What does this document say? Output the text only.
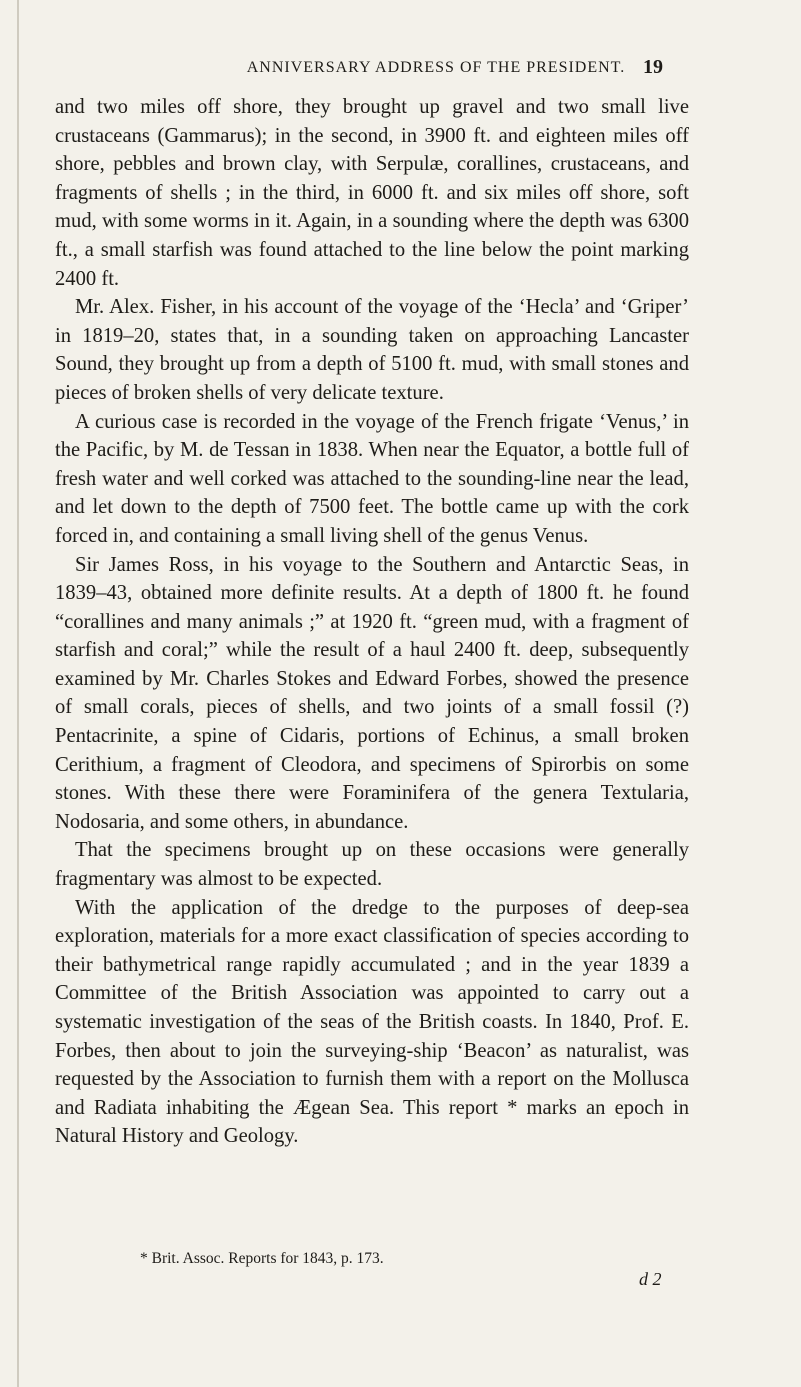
ANNIVERSARY ADDRESS OF THE PRESIDENT. 19

and two miles off shore, they brought up gravel and two small live crustaceans (Gammarus); in the second, in 3900 ft. and eighteen miles off shore, pebbles and brown clay, with Serpulæ, corallines, crustaceans, and fragments of shells ; in the third, in 6000 ft. and six miles off shore, soft mud, with some worms in it. Again, in a sounding where the depth was 6300 ft., a small starfish was found attached to the line below the point marking 2400 ft.

Mr. Alex. Fisher, in his account of the voyage of the ‘Hecla’ and ‘Griper’ in 1819–20, states that, in a sounding taken on approaching Lancaster Sound, they brought up from a depth of 5100 ft. mud, with small stones and pieces of broken shells of very delicate texture.

A curious case is recorded in the voyage of the French frigate ‘Venus,’ in the Pacific, by M. de Tessan in 1838. When near the Equator, a bottle full of fresh water and well corked was attached to the sounding-line near the lead, and let down to the depth of 7500 feet. The bottle came up with the cork forced in, and containing a small living shell of the genus Venus.

Sir James Ross, in his voyage to the Southern and Antarctic Seas, in 1839–43, obtained more definite results. At a depth of 1800 ft. he found “corallines and many animals ;” at 1920 ft. “green mud, with a fragment of starfish and coral;” while the result of a haul 2400 ft. deep, subsequently examined by Mr. Charles Stokes and Edward Forbes, showed the presence of small corals, pieces of shells, and two joints of a small fossil (?) Pentacrinite, a spine of Cidaris, portions of Echinus, a small broken Cerithium, a fragment of Cleodora, and specimens of Spirorbis on some stones. With these there were Foraminifera of the genera Textularia, Nodosaria, and some others, in abundance.

That the specimens brought up on these occasions were generally fragmentary was almost to be expected.

With the application of the dredge to the purposes of deep-sea exploration, materials for a more exact classification of species according to their bathymetrical range rapidly accumulated ; and in the year 1839 a Committee of the British Association was appointed to carry out a systematic investigation of the seas of the British coasts. In 1840, Prof. E. Forbes, then about to join the surveying-ship ‘Beacon’ as naturalist, was requested by the Association to furnish them with a report on the Mollusca and Radiata inhabiting the Ægean Sea. This report * marks an epoch in Natural History and Geology.

* Brit. Assoc. Reports for 1843, p. 173.
d 2
